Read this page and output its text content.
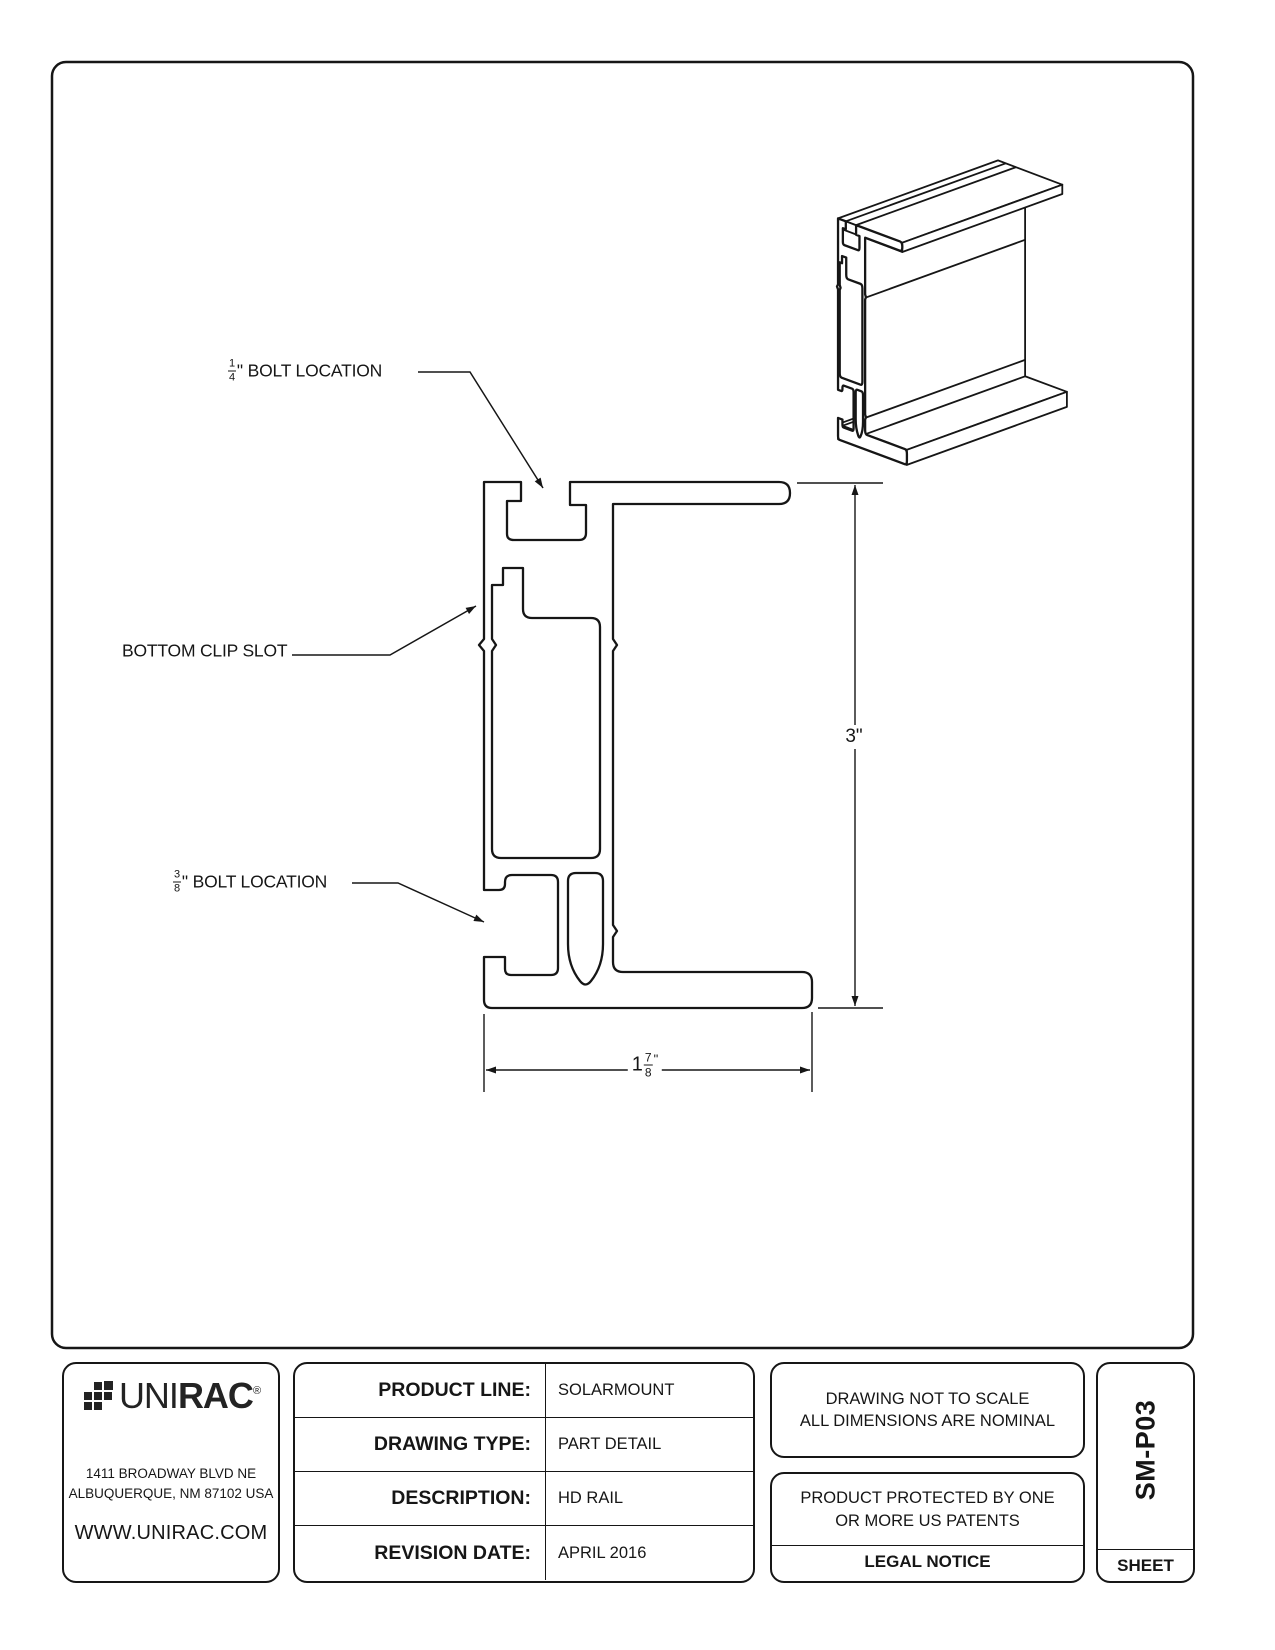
$\frac{1}{4}$ " BOLT LOCATION
BOTTOM CLIP SLOT
$\frac{3}{8}$ " BOLT LOCATION
3 "
$1 \frac{7}{8}$ "
UNIRAC®
1411 BROADWAY BLVD NE
ALBUQUERQUE, NM 87102 USA
WWW.UNIRAC.COM
PRODUCT LINE:	SOLARMOUNT
DRAWING TYPE:	PART DETAIL
DESCRIPTION:	HD RAIL
REVISION DATE:	APRIL 2016
DRAWING NOT TO SCALE
ALL DIMENSIONS ARE NOMINAL
PRODUCT PROTECTED BY ONE
OR MORE US PATENTS
LEGAL NOTICE
SM-P03
SHEET
